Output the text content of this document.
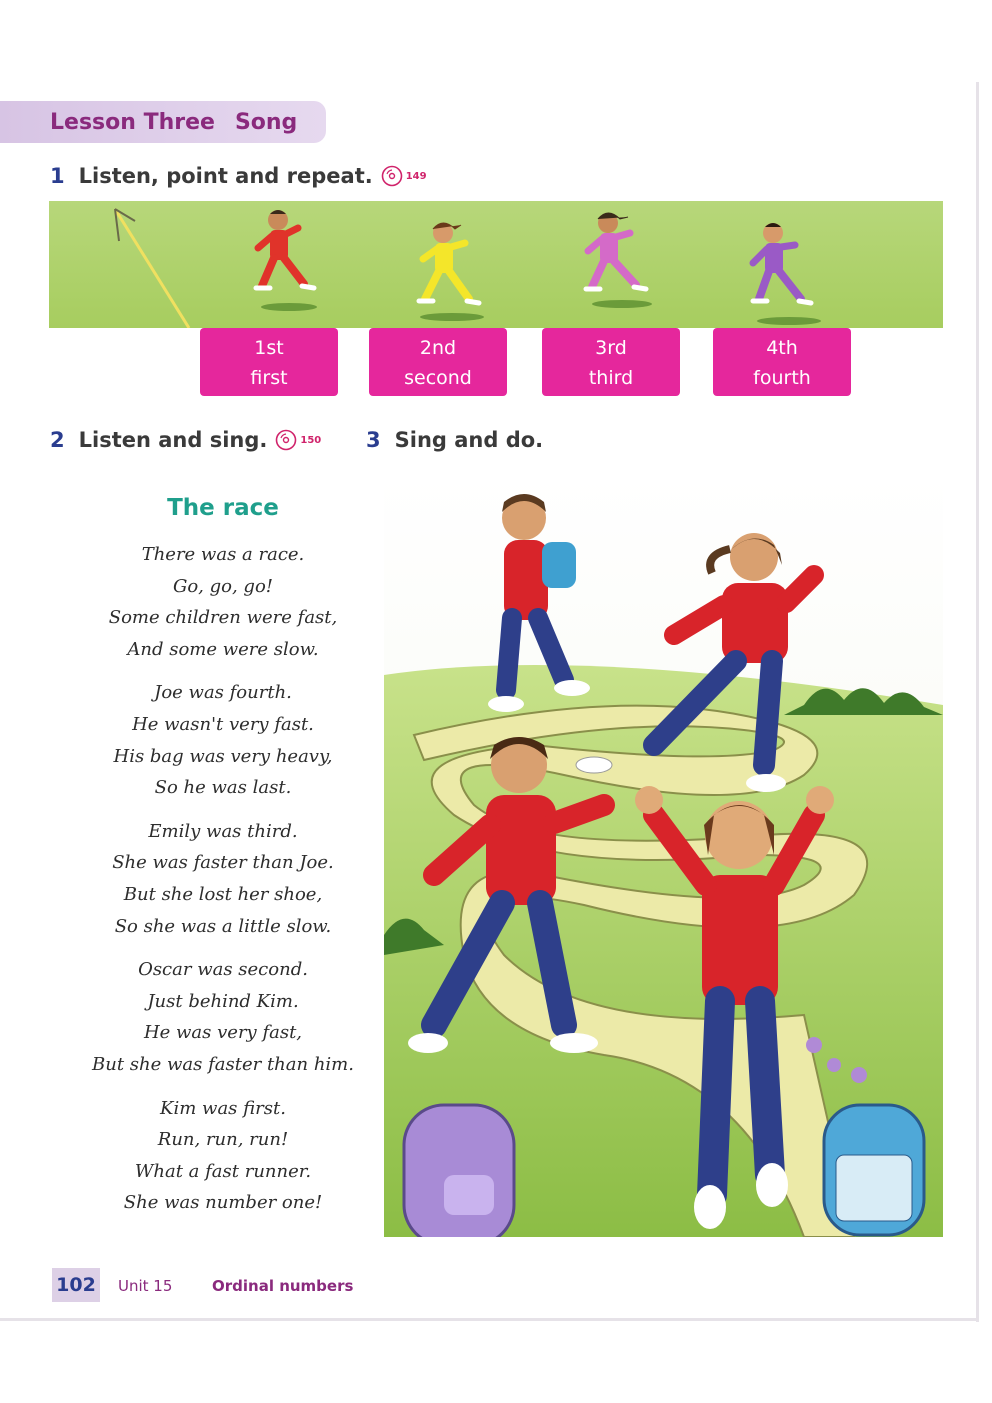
Lesson Three Song
1 Listen, point and repeat.	149
1st
first
2nd
second
3rd
third
4th
fourth
2 Listen and sing.	150 3 Sing and do.
The race
There was a race.
Go, go, go!
Some children were fast,
And some were slow.
Joe was fourth.
He wasn't very fast.
His bag was very heavy,
So he was last.
Emily was third.
She was faster than Joe.
But she lost her shoe,
So she was a little slow.
Oscar was second.
Just behind Kim.
He was very fast,
But she was faster than him.
Kim was first.
Run, run, run!
What a fast runner.
She was number one!
102 Unit 15	Ordinal numbers
